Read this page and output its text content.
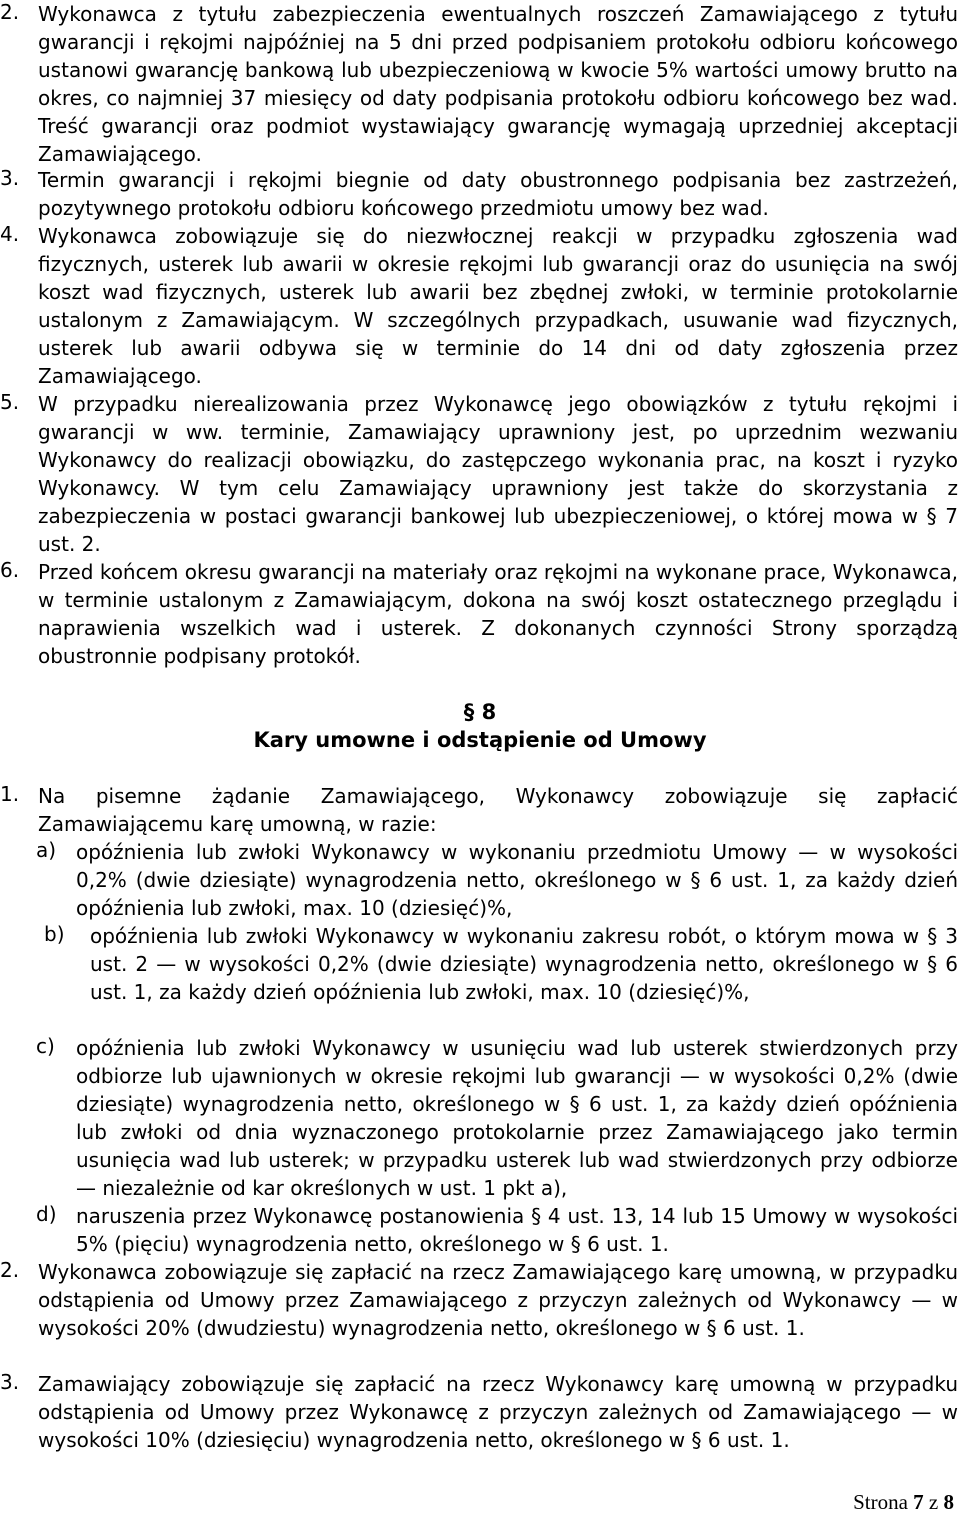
2. Wykonawca z tytułu zabezpieczenia ewentualnych roszczeń Zamawiającego z tytułu gwarancji i rękojmi najpóźniej na 5 dni przed podpisaniem protokołu odbioru końcowego ustanowi gwarancję bankową lub ubezpieczeniową w kwocie 5% wartości umowy brutto na okres, co najmniej 37 miesięcy od daty podpisania protokołu odbioru końcowego bez wad. Treść gwarancji oraz podmiot wystawiający gwarancję wymagają uprzedniej akceptacji Zamawiającego.
3. Termin gwarancji i rękojmi biegnie od daty obustronnego podpisania bez zastrzeżeń, pozytywnego protokołu odbioru końcowego przedmiotu umowy bez wad.
4. Wykonawca zobowiązuje się do niezwłocznej reakcji w przypadku zgłoszenia wad fizycznych, usterek lub awarii w okresie rękojmi lub gwarancji oraz do usunięcia na swój koszt wad fizycznych, usterek lub awarii bez zbędnej zwłoki, w terminie protokolarnie ustalonym z Zamawiającym. W szczególnych przypadkach, usuwanie wad fizycznych, usterek lub awarii odbywa się w terminie do 14 dni od daty zgłoszenia przez Zamawiającego.
5. W przypadku nierealizowania przez Wykonawcę jego obowiązków z tytułu rękojmi i gwarancji w ww. terminie, Zamawiający uprawniony jest, po uprzednim wezwaniu Wykonawcy do realizacji obowiązku, do zastępczego wykonania prac, na koszt i ryzyko Wykonawcy. W tym celu Zamawiający uprawniony jest także do skorzystania z zabezpieczenia w postaci gwarancji bankowej lub ubezpieczeniowej, o której mowa w § 7 ust. 2.
6. Przed końcem okresu gwarancji na materiały oraz rękojmi na wykonane prace, Wykonawca, w terminie ustalonym z Zamawiającym, dokona na swój koszt ostatecznego przeglądu i naprawienia wszelkich wad i usterek. Z dokonanych czynności Strony sporządzą obustronnie podpisany protokół.
§ 8
Kary umowne i odstąpienie od Umowy
1. Na pisemne żądanie Zamawiającego, Wykonawcy zobowiązuje się zapłacić Zamawiającemu karę umowną, w razie:
a) opóźnienia lub zwłoki Wykonawcy w wykonaniu przedmiotu Umowy — w wysokości 0,2% (dwie dziesiąte) wynagrodzenia netto, określonego w § 6 ust. 1, za każdy dzień opóźnienia lub zwłoki, max. 10 (dziesięć)%,
b)	opóźnienia lub zwłoki Wykonawcy w wykonaniu zakresu robót, o którym mowa w § 3 ust. 2 — w wysokości 0,2% (dwie dziesiąte) wynagrodzenia netto, określonego w § 6 ust. 1, za każdy dzień opóźnienia lub zwłoki, max. 10 (dziesięć)%,
c)	opóźnienia lub zwłoki Wykonawcy w usunięciu wad lub usterek stwierdzonych przy odbiorze lub ujawnionych w okresie rękojmi lub gwarancji — w wysokości 0,2% (dwie dziesiąte) wynagrodzenia netto, określonego w § 6 ust. 1, za każdy dzień opóźnienia lub zwłoki od dnia wyznaczonego protokolarnie przez Zamawiającego jako termin usunięcia wad lub usterek; w przypadku usterek lub wad stwierdzonych przy odbiorze — niezależnie od kar określonych w ust. 1 pkt a),
d) naruszenia przez Wykonawcę postanowienia § 4 ust. 13, 14 lub 15 Umowy w wysokości 5% (pięciu) wynagrodzenia netto, określonego w § 6 ust. 1.
2. Wykonawca zobowiązuje się zapłacić na rzecz Zamawiającego karę umowną, w przypadku odstąpienia od Umowy przez Zamawiającego z przyczyn zależnych od Wykonawcy — w wysokości 20% (dwudziestu) wynagrodzenia netto, określonego w § 6 ust. 1.
3. Zamawiający zobowiązuje się zapłacić na rzecz Wykonawcy karę umowną w przypadku odstąpienia od Umowy przez Wykonawcę z przyczyn zależnych od Zamawiającego — w wysokości 10% (dziesięciu) wynagrodzenia netto, określonego w § 6 ust. 1.
Strona 7 z 8
